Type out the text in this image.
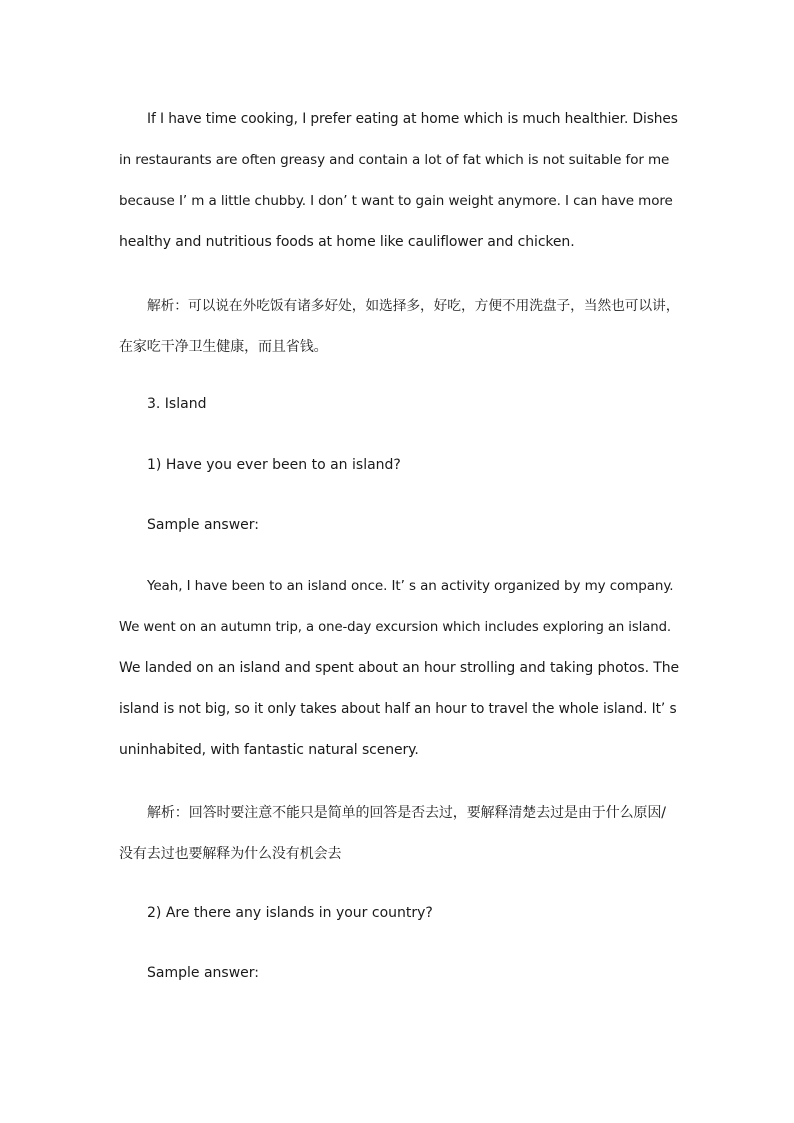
If I have time cooking, I prefer eating at home which is much healthier. Dishes
in restaurants are often greasy and contain a lot of fat which is not suitable for me
because I’ m a little chubby. I don’ t want to gain weight anymore. I can have more
healthy and nutritious foods at home like cauliflower and chicken.
解析：可以说在外吃饭有诸多好处，如选择多，好吃，方便不用洗盘子，当然也可以讲，
在家吃干净卫生健康，而且省钱。

3. Island

1) Have you ever been to an island?

Sample answer:

Yeah, I have been to an island once. It’ s an activity organized by my company.
We went on an autumn trip, a one-day excursion which includes exploring an island.
We landed on an island and spent about an hour strolling and taking photos. The
island is not big, so it only takes about half an hour to travel the whole island. It’ s
uninhabited, with fantastic natural scenery.
解析：回答时要注意不能只是简单的回答是否去过，要解释清楚去过是由于什么原因/
没有去过也要解释为什么没有机会去

2) Are there any islands in your country?

Sample answer:
